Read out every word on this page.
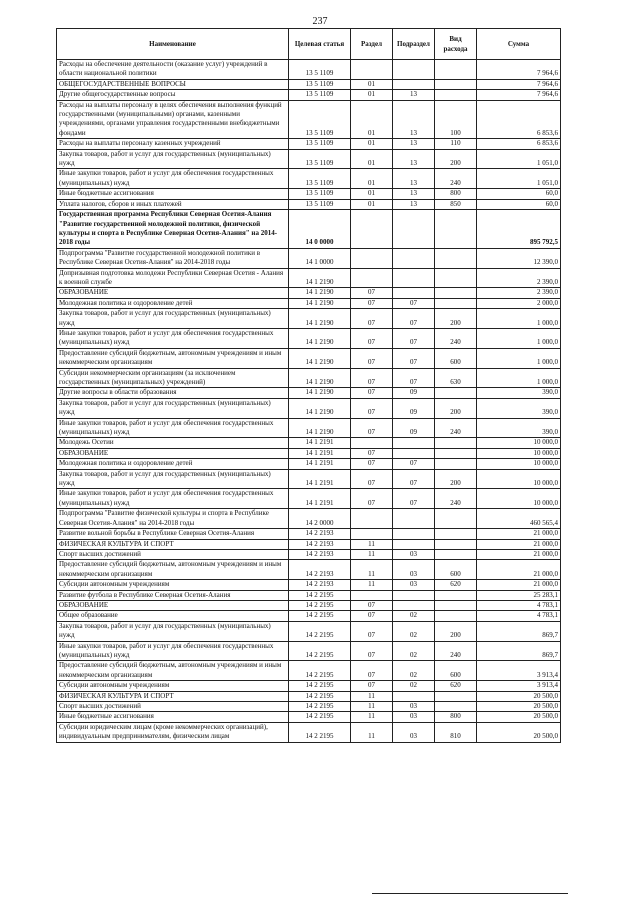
237
Наименование	Целевая статья	Раздел	Подраздел	Вид расхода	Сумма
Расходы на обеспечение деятельности (оказание услуг) учреждений в области национальной политики	13 5 1109				7 964,6
ОБЩЕГОСУДАРСТВЕННЫЕ ВОПРОСЫ	13 5 1109	01			7 964,6
Другие общегосударственные вопросы	13 5 1109	01	13		7 964,6
Расходы на выплаты персоналу в целях обеспечения выполнения функций государственными (муниципальными) органами, казенными учреждениями, органами управления государственными внебюджетными фондами	13 5 1109	01	13	100	6 853,6
Расходы на выплаты персоналу казенных учреждений	13 5 1109	01	13	110	6 853,6
Закупка товаров, работ и услуг для государственных (муниципальных) нужд	13 5 1109	01	13	200	1 051,0
Иные закупки товаров, работ и услуг для обеспечения государственных (муниципальных) нужд	13 5 1109	01	13	240	1 051,0
Иные бюджетные ассигнования	13 5 1109	01	13	800	60,0
Уплата налогов, сборов и иных платежей	13 5 1109	01	13	850	60,0
Государственная программа Республики Северная Осетия-Алания "Развитие государственной молодежной политики, физической культуры и спорта в Республике Северная Осетия-Алания" на 2014-2018 годы	14 0 0000				895 792,5
Подпрограмма "Развитие государственной молодежной политики в Республике Северная Осетия-Алания" на 2014-2018 годы	14 1 0000				12 390,0
Допризывная подготовка молодежи Республики Северная Осетия - Алания к военной службе	14 1 2190				2 390,0
ОБРАЗОВАНИЕ	14 1 2190	07			2 390,0
Молодежная политика и оздоровление детей	14 1 2190	07	07		2 000,0
Закупка товаров, работ и услуг для государственных (муниципальных) нужд	14 1 2190	07	07	200	1 000,0
Иные закупки товаров, работ и услуг для обеспечения государственных (муниципальных) нужд	14 1 2190	07	07	240	1 000,0
Предоставление субсидий бюджетным, автономным учреждениям и иным некоммерческим организациям	14 1 2190	07	07	600	1 000,0
Субсидии некоммерческим организациям (за исключением государственных (муниципальных) учреждений)	14 1 2190	07	07	630	1 000,0
Другие вопросы в области образования	14 1 2190	07	09		390,0
Закупка товаров, работ и услуг для государственных (муниципальных) нужд	14 1 2190	07	09	200	390,0
Иные закупки товаров, работ и услуг для обеспечения государственных (муниципальных) нужд	14 1 2190	07	09	240	390,0
Молодежь Осетии	14 1 2191				10 000,0
ОБРАЗОВАНИЕ	14 1 2191	07			10 000,0
Молодежная политика и оздоровление детей	14 1 2191	07	07		10 000,0
Закупка товаров, работ и услуг для государственных (муниципальных) нужд	14 1 2191	07	07	200	10 000,0
Иные закупки товаров, работ и услуг для обеспечения государственных (муниципальных) нужд	14 1 2191	07	07	240	10 000,0
Подпрограмма "Развитие физической культуры и спорта в Республике Северная Осетия-Алания" на 2014-2018 годы	14 2 0000				460 565,4
Развитие вольной борьбы в Республике Северная Осетия-Алания	14 2 2193				21 000,0
ФИЗИЧЕСКАЯ КУЛЬТУРА И СПОРТ	14 2 2193	11			21 000,0
Спорт высших достижений	14 2 2193	11	03		21 000,0
Предоставление субсидий бюджетным, автономным учреждениям и иным некоммерческим организациям	14 2 2193	11	03	600	21 000,0
Субсидии автономным учреждениям	14 2 2193	11	03	620	21 000,0
Развитие футбола в Республике Северная Осетия-Алания	14 2 2195				25 283,1
ОБРАЗОВАНИЕ	14 2 2195	07			4 783,1
Общее образование	14 2 2195	07	02		4 783,1
Закупка товаров, работ и услуг для государственных (муниципальных) нужд	14 2 2195	07	02	200	869,7
Иные закупки товаров, работ и услуг для обеспечения государственных (муниципальных) нужд	14 2 2195	07	02	240	869,7
Предоставление субсидий бюджетным, автономным учреждениям и иным некоммерческим организациям	14 2 2195	07	02	600	3 913,4
Субсидии автономным учреждениям	14 2 2195	07	02	620	3 913,4
ФИЗИЧЕСКАЯ КУЛЬТУРА И СПОРТ	14 2 2195	11			20 500,0
Спорт высших достижений	14 2 2195	11	03		20 500,0
Иные бюджетные ассигнования	14 2 2195	11	03	800	20 500,0
Субсидии юридическим лицам (кроме некоммерческих организаций), индивидуальным предпринимателям, физическим лицам	14 2 2195	11	03	810	20 500,0
